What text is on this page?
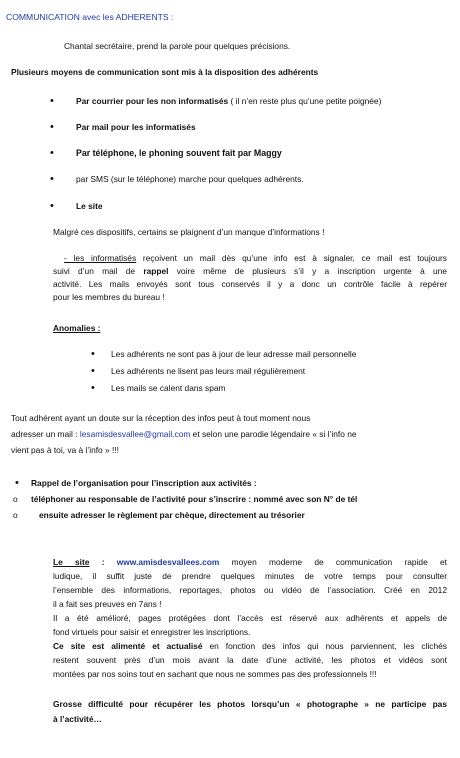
COMMUNICATION avec les ADHERENTS :
Chantal secrétaire, prend la parole pour quelques précisions.
Plusieurs moyens de communication sont mis à la disposition des adhérents
•	Par courrier pour les non informatisés ( il n’en reste plus qu’une petite poignée)
•	Par mail pour les informatisés
•	Par téléphone, le phoning souvent fait par Maggy
•	par SMS (sur le téléphone) marche pour quelques adhérents.
•	Le site
Malgré ces dispositifs, certains se plaignent d’un manque d’informations !
- les informatisés reçoivent un mail dès qu’une info est à signaler, ce mail est toujours
suivi d’un mail de rappel voire même de plusieurs s’il y a inscription urgente à une
activité. Les mails envoyés sont tous conservés il y a donc un contrôle facile à repérer
pour les membres du bureau !
Anomalies :
• Les adhérents ne sont pas à jour de leur adresse mail personnelle
• Les adhérents ne lisent pas leurs mail régulièrement
• Les mails se calent dans spam
Tout adhérent ayant un doute sur la réception des infos peut à tout moment nous
adresser un mail : lesamisdesvallee@gmail.com et selon une parodie légendaire « si l’info ne
vient pas à toi, va à l’info » !!!
• Rappel de l’organisation pour l’inscription aux activités :
o téléphoner au responsable de l’activité pour s’inscrire : nommé avec son N° de tél
o	ensuite adresser le règlement par chèque, directement au trésorier
Le site : www.amisdesvallees.com moyen moderne de communication rapide et
ludique, il suffit juste de prendre quelques minutes de votre temps pour consulter
l’ensemble des informations, reportages, photos ou vidéo de l’association. Créé en 2012
il a fait ses preuves en 7ans !
Il a été amélioré, pages protégées dont l’accès est réservé aux adhérents et appels de
fond virtuels pour saisir et enregistrer les inscriptions.
Ce site est alimenté et actualisé en fonction des infos qui nous parviennent, les clichés
restent souvent près d’un mois avant la date d’une activité, les photos et vidéos sont
montées par nos soins tout en sachant que nous ne sommes pas des professionnels !!!
Grosse difficulté pour récupérer les photos lorsqu’un « photographe » ne participe pas
à l’activité…
